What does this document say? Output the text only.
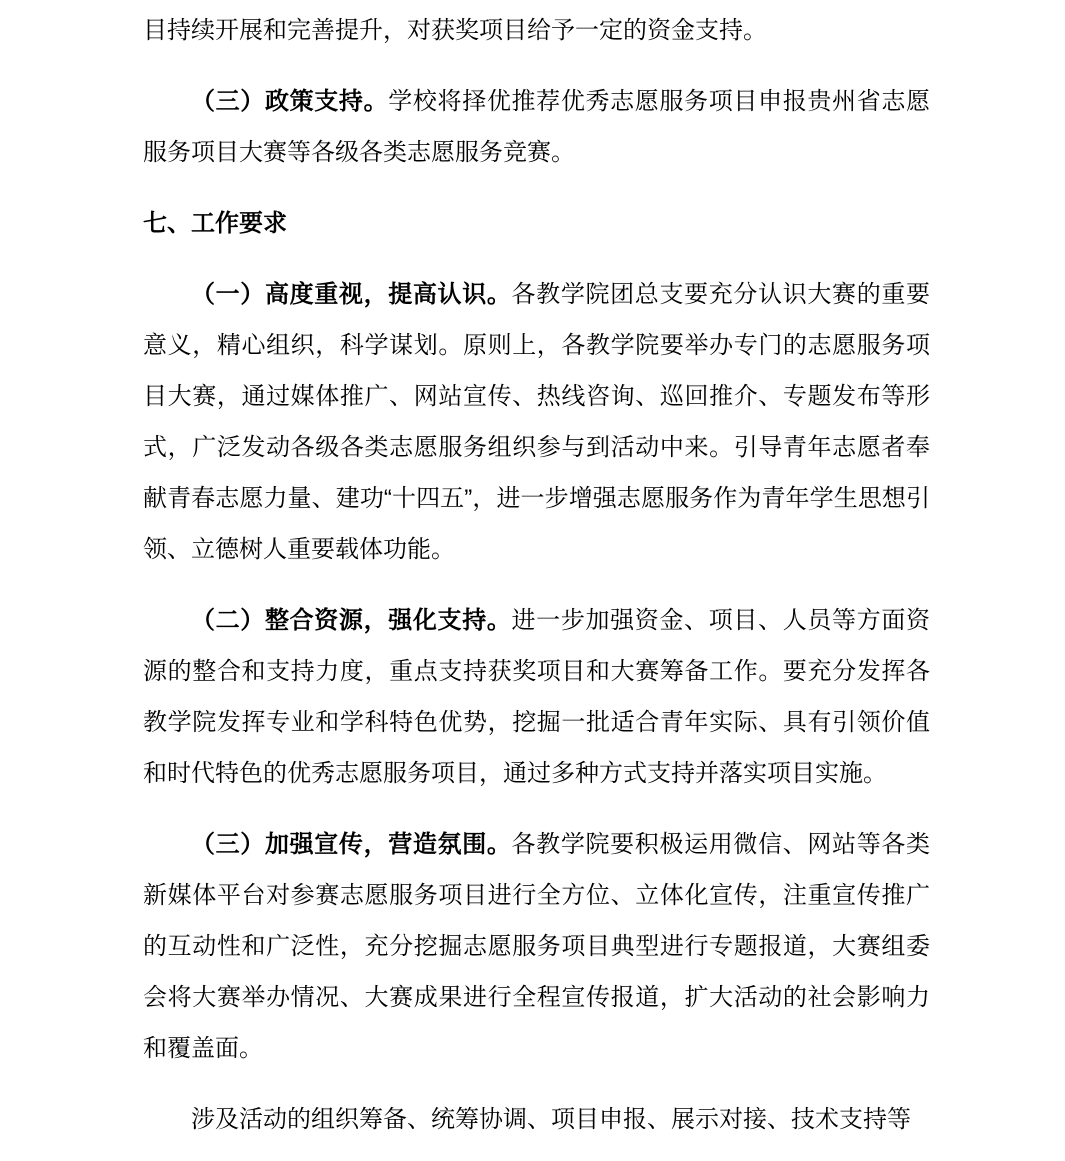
目持续开展和完善提升，对获奖项目给予一定的资金支持。

（三）政策支持。学校将择优推荐优秀志愿服务项目申报贵州省志愿服务项目大赛等各级各类志愿服务竞赛。

七、工作要求

（一）高度重视，提高认识。各教学院团总支要充分认识大赛的重要意义，精心组织，科学谋划。原则上，各教学院要举办专门的志愿服务项目大赛，通过媒体推广、网站宣传、热线咨询、巡回推介、专题发布等形式，广泛发动各级各类志愿服务组织参与到活动中来。引导青年志愿者奉献青春志愿力量、建功“十四五”，进一步增强志愿服务作为青年学生思想引领、立德树人重要载体功能。

（二）整合资源，强化支持。进一步加强资金、项目、人员等方面资源的整合和支持力度，重点支持获奖项目和大赛筹备工作。要充分发挥各教学院发挥专业和学科特色优势，挖掘一批适合青年实际、具有引领价值和时代特色的优秀志愿服务项目，通过多种方式支持并落实项目实施。

（三）加强宣传，营造氛围。各教学院要积极运用微信、网站等各类新媒体平台对参赛志愿服务项目进行全方位、立体化宣传，注重宣传推广的互动性和广泛性，充分挖掘志愿服务项目典型进行专题报道，大赛组委会将大赛举办情况、大赛成果进行全程宣传报道，扩大活动的社会影响力和覆盖面。

涉及活动的组织筹备、统筹协调、项目申报、展示对接、技术支持等
